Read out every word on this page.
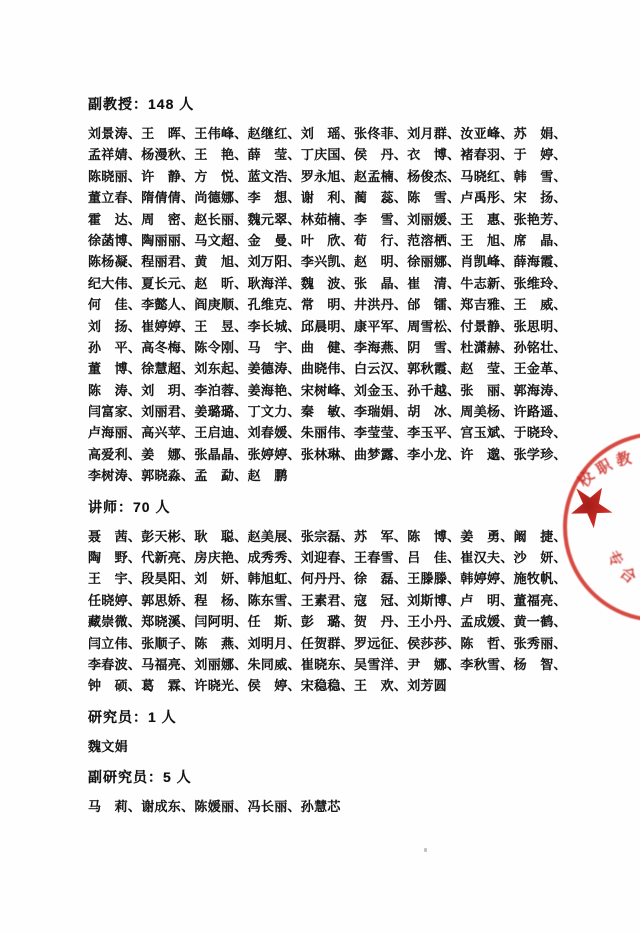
副教授：148 人
刘景涛、 王　晖、 王伟峰、 赵继红、 刘　瑶、 张佟菲、 刘月群、 汝亚峰、 苏　娟、
孟祥婧、 杨漫秋、 王　艳、 薛　莹、 丁庆国、 侯　丹、 衣　博、 褚春羽、 于　婷、
陈晓丽、 许　静、 方　悦、 蓝文浩、 罗永旭、 赵孟楠、 杨俊杰、 马晓红、 韩　雪、
董立春、 隋倩倩、 尚德娜、 李　想、 谢　利、 蔺　蕊、 陈　雪、 卢禹彤、 宋　扬、
霍　达、 周　密、 赵长丽、 魏元翠、 林茹楠、 李　雪、 刘丽媛、 王　惠、 张艳芳、
徐菡博、 陶丽丽、 马文超、 金　曼、 叶　欣、 荀　行、 范溶栖、 王　旭、 席　晶、
陈杨凝、 程丽君、 黄　旭、 刘万阳、 李兴凯、 赵　明、 徐丽娜、 肖凯峰、 薛海霞、
纪大伟、 夏长元、 赵　昕、 耿海洋、 魏　波、 张　晶、 崔　清、 牛志新、 张维玲、
何　佳、 李懿人、 阎庚顺、 孔维克、 常　明、 井洪丹、 邰　镭、 郑吉雅、 王　威、
刘　扬、 崔婷婷、 王　昱、 李长城、 邱晨明、 康平军、 周雪松、 付景静、 张思明、
孙　平、 高冬梅、 陈令刚、 马　宇、 曲　健、 李海燕、 阴　雪、 杜潇赫、 孙铭壮、
董　博、 徐慧超、 刘东起、 姜德涛、 曲晓伟、 白云汉、 郭秋霞、 赵　莹、 王金革、
陈　涛、 刘　玥、 李泊蓉、 姜海艳、 宋树峰、 刘金玉、 孙千越、 张　丽、 郭海涛、
闫富家、 刘丽君、 姜璐璐、 丁文力、 秦　敏、 李瑞娟、 胡　冰、 周美杨、 许路遥、
卢海丽、 高兴苹、 王启迪、 刘春媛、 朱丽伟、 李莹莹、 李玉平、 宫玉斌、 于晓玲、
高爱利、 姜　娜、 张晶晶、 张婷婷、 张林琳、 曲梦露、 李小龙、 许　邈、 张学珍、
李树涛、郭晓淼、孟　勐、赵　鹏
讲师：70 人
聂　茜、 彭天彬、 耿　聪、 赵美展、 张宗磊、 苏　军、 陈　博、 姜　勇、 阚　捷、
陶　野、 代新亮、 房庆艳、 成秀秀、 刘迎春、 王春雪、 吕　佳、 崔汉夫、 沙　妍、
王　宇、 段昊阳、 刘　妍、 韩旭虹、 何丹丹、 徐　磊、 王滕滕、 韩婷婷、 施牧帆、
任晓婷、 郭思娇、 程　杨、 陈东雪、 王素君、 寇　冠、 刘斯博、 卢　明、 董福亮、
藏崇微、 郑晓溪、 闫阿明、 任　斯、 彭　璐、 贺　丹、 王小丹、 孟成媛、 黄一鹤、
闫立伟、 张顺子、 陈　燕、 刘明月、 任贺群、 罗远征、 侯莎莎、 陈　哲、 张秀丽、
李春波、 马福亮、 刘丽娜、 朱同威、 崔晓东、 吴雪洋、 尹　娜、 李秋雪、 杨　智、
钟　硕、葛　霖、许晓光、侯　婷、宋稳稳、王　欢、刘芳圆
研究员：1 人
魏文娟
副研究员：5 人
马　莉、谢成东、陈媛丽、冯长丽、孙慧芯
校
职 教
专
合
